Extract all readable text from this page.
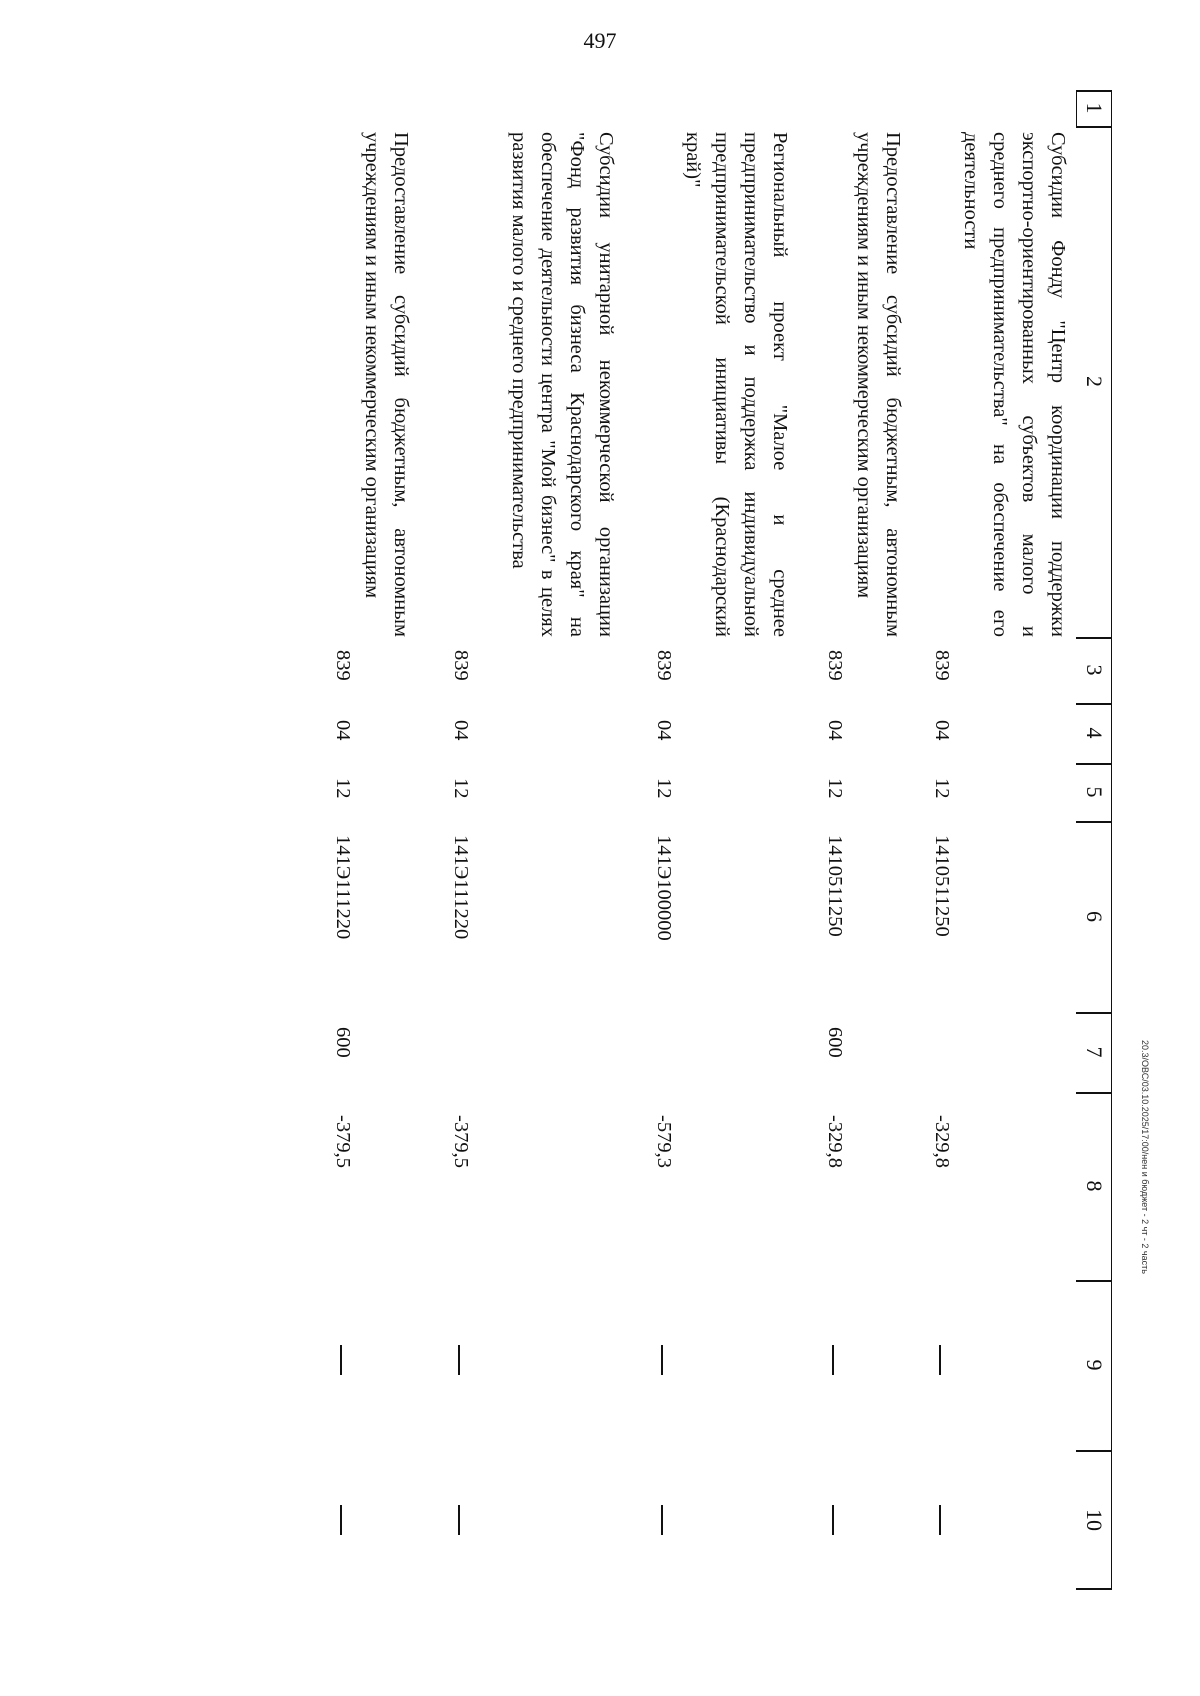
497
1
2
3
4
5
6
7
8
9
10
Субсидии Фонду "Центр координации поддержки экспортно-ориентированных субъектов малого и среднего предпринимательства" на обеспечение его деятельности
839
04
12
1410511250
-329,8
Предоставление субсидий бюджетным, автономным учреждениям и иным некоммерческим организациям
839
04
12
1410511250
600
-329,8
Региональный проект "Малое и среднее предпринимательство и поддержка индивидуальной предпринимательской инициативы (Краснодарский край)"
839
04
12
141Э100000
-579,3
Субсидии унитарной некоммерческой организации "Фонд развития бизнеса Краснодарского края" на обеспечение деятельности центра "Мой бизнес" в целях развития малого и среднего предпринимательства
839
04
12
141Э111220
-379,5
Предоставление субсидий бюджетным, автономным учреждениям и иным некоммерческим организациям
839
04
12
141Э111220
600
-379,5	20.3/ОВС/03.10.2025/17:00/нен и бюджет - 2 чт - 2 часть
